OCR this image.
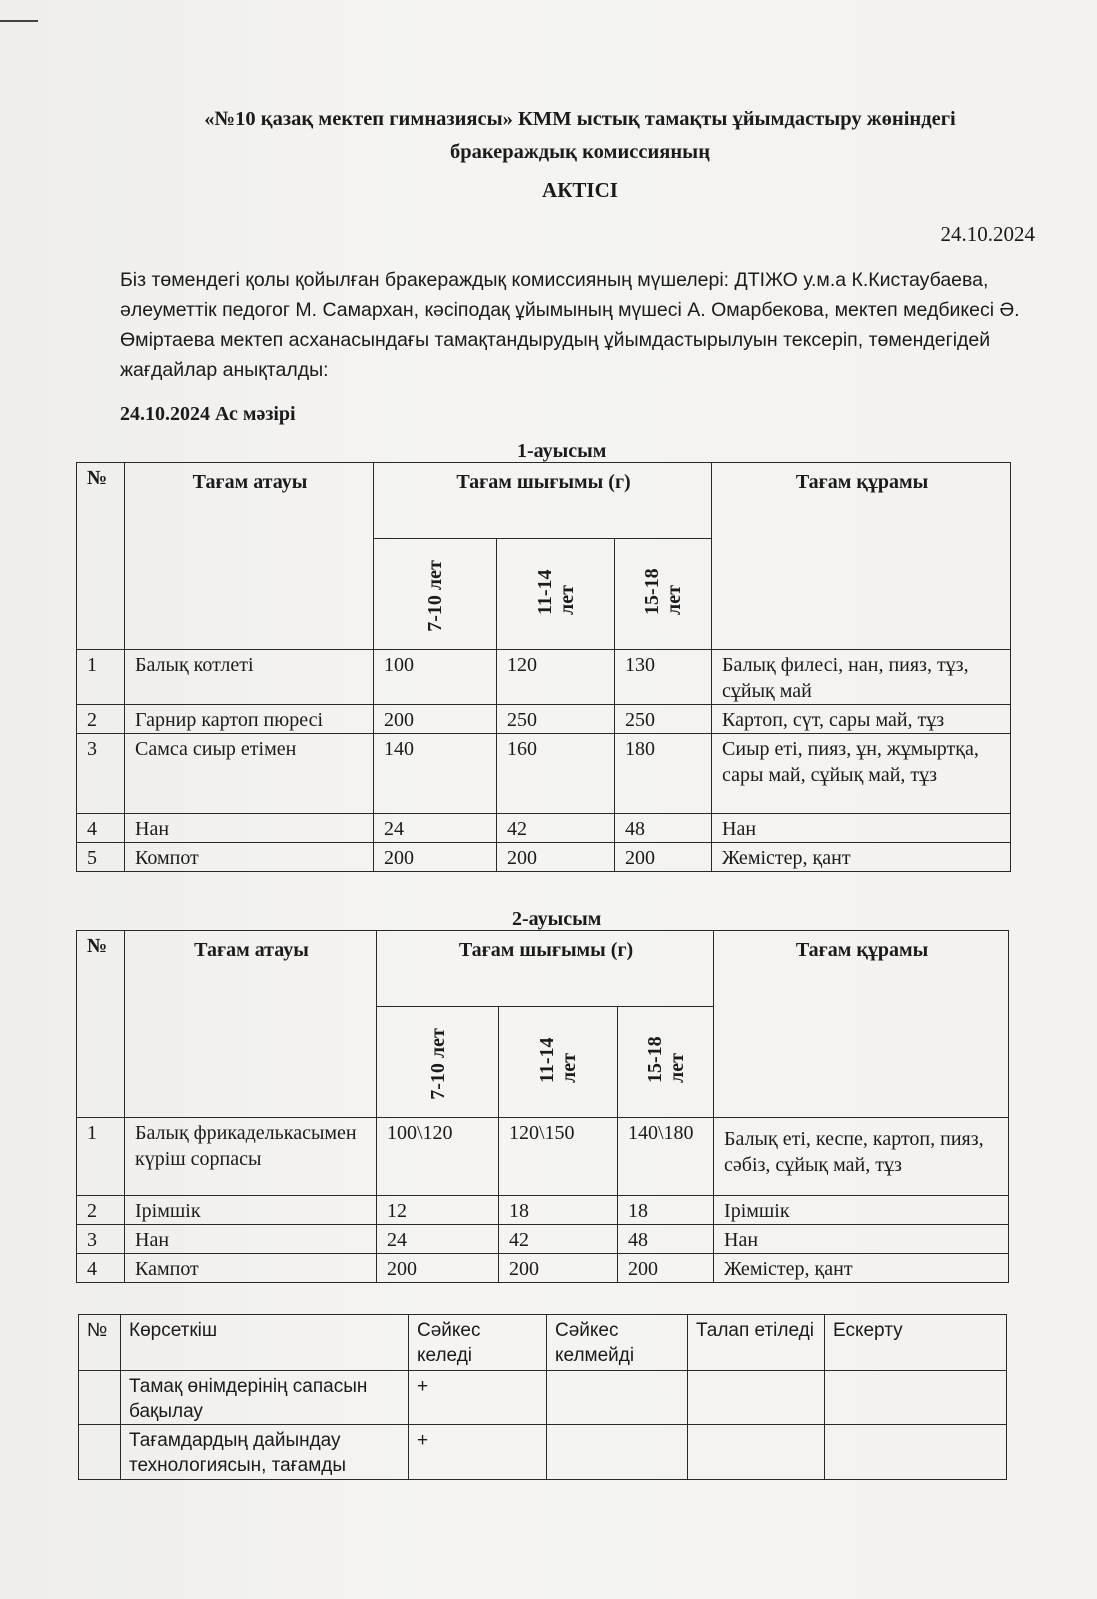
«№10 қазақ мектеп гимназиясы» КММ ыстық тамақты ұйымдастыру жөніндегі
бракераждық комиссияның
АКТІСІ
24.10.2024
Біз төмендегі қолы қойылған бракераждық комиссияның мүшелері: ДТІЖО у.м.а К.Кистаубаева, әлеуметтік педогог М. Самархан, кәсіподақ ұйымының мүшесі А. Омарбекова, мектеп медбикесі Ә. Өміртаева мектеп асханасындағы тамақтандырудың ұйымдастырылуын тексеріп, төмендегідей жағдайлар анықталды:
24.10.2024 Ас мәзірі
1-ауысым
№	Тағам атауы	Тағам шығымы (г)			Тағам құрамы

		7-10 лет	11-14 лет	15-18 лет	

1	Балық котлеті	100	120	130	Балық филесі, нан, пияз, тұз, сұйық май
2	Гарнир картоп пюресі	200	250	250	Картоп, сүт, сары май, тұз
3	Самса сиыр етімен	140	160	180	Сиыр еті, пияз, ұн, жұмыртқа, сары май, сұйық май, тұз
4	Нан	24	42	48	Нан
5	Компот	200	200	200	Жемістер, қант
2-ауысым
№	Тағам атауы	Тағам шығымы (г)			Тағам құрамы

		7-10 лет	11-14 лет	15-18 лет	

1	Балық фрикаделькасымен күріш сорпасы	100\120	120\150	140\180	Балық еті, кеспе, картоп, пияз, сәбіз, сұйық май, тұз
2	Ірімшік	12	18	18	Ірімшік
3	Нан	24	42	48	Нан
4	Кампот	200	200	200	Жемістер, қант
№	Көрсеткіш	Сәйкес келеді	Сәйкес келмейді	Талап етіледі	Ескерту
	Тамақ өнімдерінің сапасын бақылау	+			
	Тағамдардың дайындау технологиясын, тағамды	+			
